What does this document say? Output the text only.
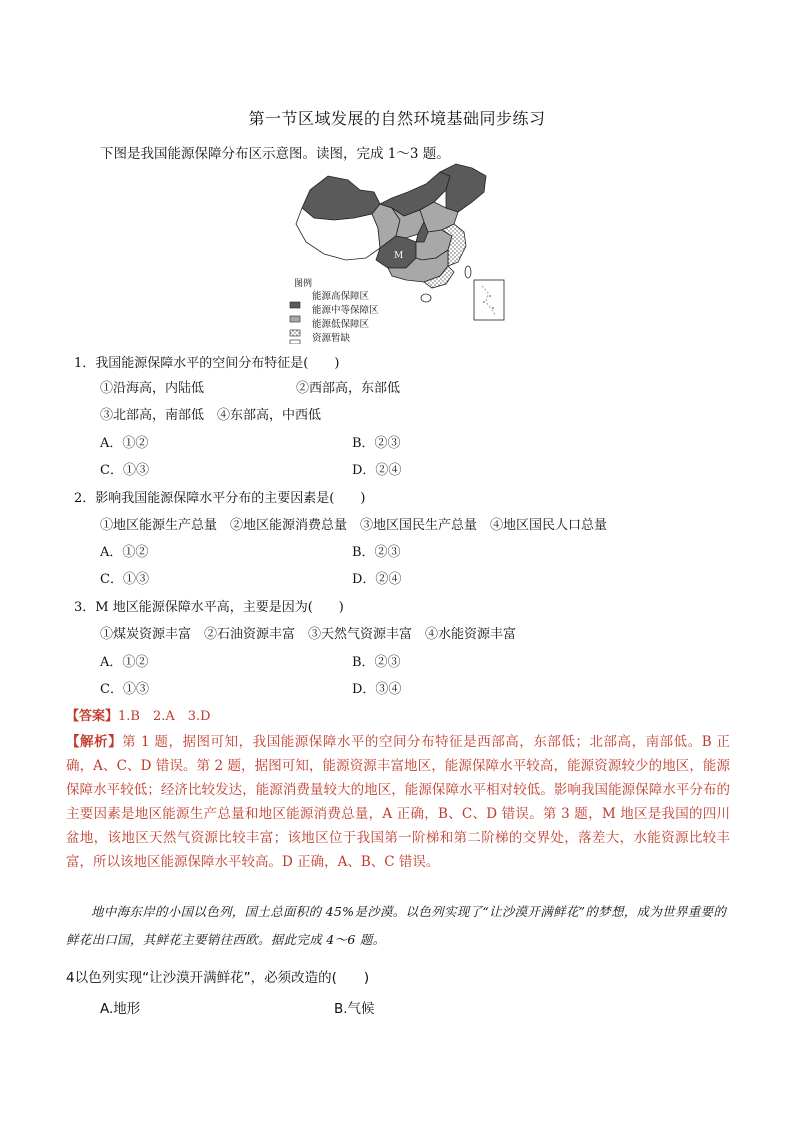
第一节区域发展的自然环境基础同步练习
下图是我国能源保障分布区示意图。读图，完成 1～3 题。
M
图例
能源高保障区
能源中等保障区
能源低保障区
资源暂缺
1．我国能源保障水平的空间分布特征是(　　)
①沿海高，内陆低	②西部高，东部低
③北部高，南部低　④东部高，中西低
A．①②	B．②③
C．①③	D．②④
2．影响我国能源保障水平分布的主要因素是(　　)
①地区能源生产总量　②地区能源消费总量　③地区国民生产总量　④地区国民人口总量
A．①②	B．②③
C．①③	D．②④
3．M 地区能源保障水平高，主要是因为(　　)
①煤炭资源丰富　②石油资源丰富　③天然气资源丰富　④水能资源丰富
A．①②	B．②③
C．①③	D．③④
【答案】1.B　2.A　3.D
【解析】第 1 题，据图可知，我国能源保障水平的空间分布特征是西部高，东部低；北部高，南部低。B 正确，A、C、D 错误。第 2 题，据图可知，能源资源丰富地区，能源保障水平较高，能源资源较少的地区，能源保障水平较低；经济比较发达，能源消费量较大的地区，能源保障水平相对较低。影响我国能源保障水平分布的主要因素是地区能源生产总量和地区能源消费总量，A 正确，B、C、D 错误。第 3 题，M 地区是我国的四川盆地，该地区天然气资源比较丰富；该地区位于我国第一阶梯和第二阶梯的交界处，落差大，水能资源比较丰富，所以该地区能源保障水平较高。D 正确，A、B、C 错误。
地中海东岸的小国以色列，国土总面积的 45%是沙漠。以色列实现了“让沙漠开满鲜花”的梦想，成为世界重要的鲜花出口国，其鲜花主要销往西欧。据此完成 4～6 题。
4以色列实现“让沙漠开满鲜花”，必须改造的(　　)
A.地形	B.气候
